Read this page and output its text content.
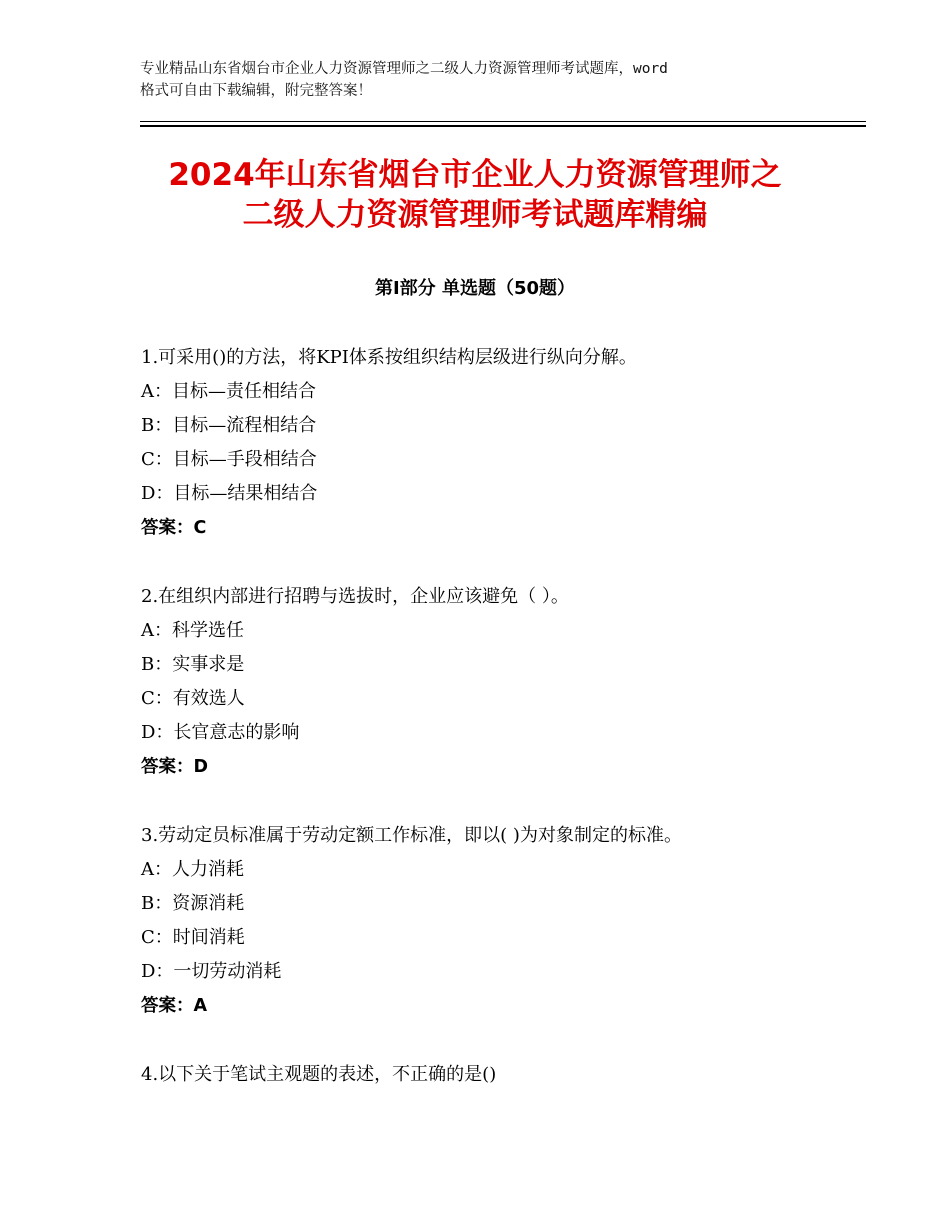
专业精品山东省烟台市企业人力资源管理师之二级人力资源管理师考试题库，word
格式可自由下载编辑，附完整答案！
2024年山东省烟台市企业人力资源管理师之
二级人力资源管理师考试题库精编
第Ⅰ部分 单选题（50题）
1.可采用()的方法，将KPI体系按组织结构层级进行纵向分解。
A：目标—责任相结合
B：目标—流程相结合
C：目标—手段相结合
D：目标—结果相结合
答案：C
2.在组织内部进行招聘与选拔时，企业应该避免（ ）。
A：科学选任
B：实事求是
C：有效选人
D：长官意志的影响
答案：D
3.劳动定员标准属于劳动定额工作标准，即以( )为对象制定的标准。
A：人力消耗
B：资源消耗
C：时间消耗
D：一切劳动消耗
答案：A
4.以下关于笔试主观题的表述，不正确的是()
